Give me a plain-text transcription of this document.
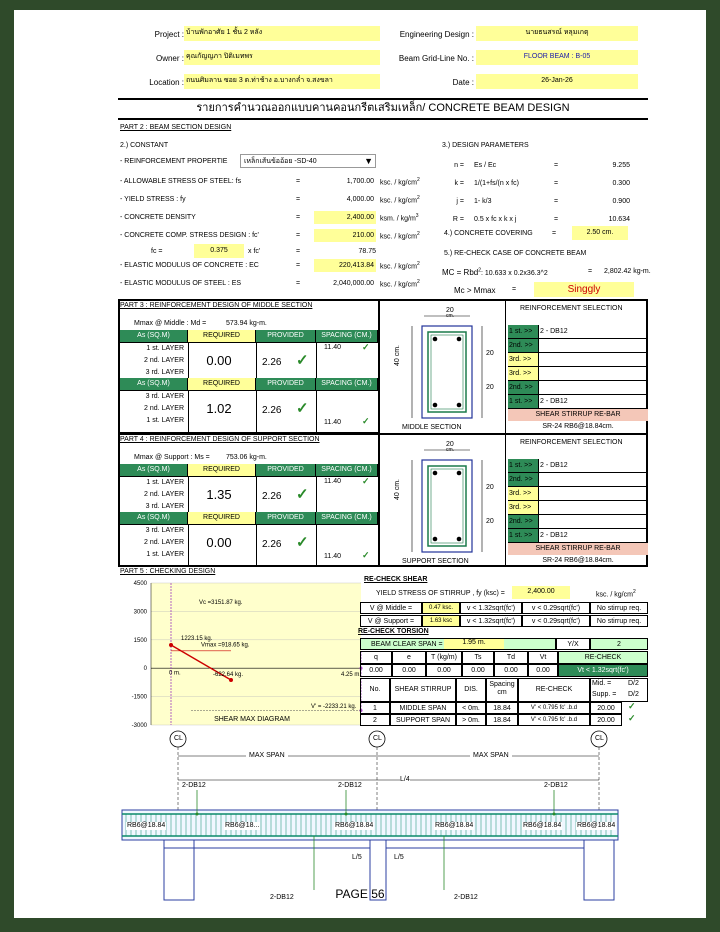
Project : บ้านพักอาศัย 1 ชั้น 2 หลัง
Owner : คุณกัญญภา ปิติเมทพร
Location : ถนนศิมลาน ซอย 3 ต.ท่าช้าง อ.บางกล่ำ จ.สงขลา
Engineering Design :	นายธนสรณ์ หลุมเกตุ
Beam Grid-Line No. :	FLOOR BEAM : B-05
Date :	26-Jan-26
รายการคำนวณออกแบบคานคอนกรีตเสริมเหล็ก/ CONCRETE BEAM DESIGN
PART 2 : BEAM SECTION DESIGN
2.) CONSTANT
- REINFORCEMENT PROPERTIE	เหล็กเส้นข้ออ้อย -SD-40	▼
- ALLOWABLE STRESS OF STEEL: fs	=	1,700.00 ksc. / $kg/cm^2$
- YIELD STRESS : fy	=	4,000.00 ksc. / $kg/cm^2$
- CONCRETE DENSITY	=	2,400.00 ksm. / $kg/m^3$
- CONCRETE COMP. STRESS DESIGN : fc'	=	210.00 ksc. / $kg/cm^2$
- ELASTIC MODULUS OF CONCRETE : EC	=	220,413.84 ksc. / $kg/cm^2$
- ELASTIC MODULUS OF STEEL : ES	=	2,040,000.00 ksc. / $kg/cm^2$
fc =	0.375	x fc'	=	78.75
3.) DESIGN PARAMETERS
n = Es / Ec	=	9.255
k = 1/(1+fs/(n x fc)	=	0.300
j = 1- k/3	=	0.900
R = 0.5 x fc x k x j	=	10.634
4.) CONCRETE COVERING	=	2.50 cm.
5.) RE-CHECK CASE OF CONCRETE BEAM
MC = Rbd$^2$: 10.633 x 0.2x36.3^2	= 2,802.42 kg-m.
Mc > Mmax =	Singgly
PART 3 : REINFORCEMENT DESIGN OF MIDDLE SECTION
Mmax @ Middle : Md =	573.94 kg-m.
As (SQ.M)	REQUIRED	PROVIDED	SPACING (CM.)
1 st. LAYER
2 nd. LAYER
3 rd. LAYER
0.00	2.26 ✓
11.40 ✓
As (SQ.M)	REQUIRED	PROVIDED	SPACING (CM.)
3 rd. LAYER
2 nd. LAYER
1 st. LAYER
1.02	2.26 ✓
11.40 ✓
PART 4 : REINFORCEMENT DESIGN OF SUPPORT SECTION
Mmax @ Support : Ms = 753.06 kg-m.
As (SQ.M)	REQUIRED	PROVIDED	SPACING (CM.)
1 st. LAYER
2 nd. LAYER
3 rd. LAYER
1.35	2.26 ✓
11.40 ✓
As (SQ.M)	REQUIRED	PROVIDED	SPACING (CM.)
3 rd. LAYER
2 nd. LAYER
1 st. LAYER
0.00	2.26 ✓
11.40 ✓
20
cm.
40 cm.	20
20
MIDDLE SECTION
20
cm.
40 cm.	20
20
SUPPORT SECTION
REINFORCEMENT SELECTION
1 st. >>	2 - DB12
2nd. >>
3rd. >>
3rd. >>
2nd. >>
1 st. >>	2 - DB12
SHEAR STIRRUP RE-BAR
SR-24 RB6@18.84cm.
REINFORCEMENT SELECTION
1 st. >>	2 - DB12
2nd. >>
3rd. >>
3rd. >>
2nd. >>
1 st. >>	2 - DB12
SHEAR STIRRUP RE-BAR
SR-24 RB6@18.84cm.
PART 5 : CHECKING DESIGN
4500
3000
1500
0
-1500
-3000
Vc =3151.87 kg.
1223.15 kg.
Vmax =918.65 kg.
0 m.	-622.64 kg.	4.25 m.
V' = -2233.21 kg.
SHEAR MAX DIAGRAM
RE-CHECK SHEAR
YIELD STRESS OF STIRRUP , fy (ksc) =	2,400.00	ksc. / $kg/cm^2$
V @ Middle =	0.47 ksc.	v < 1.32sqrt(fc')	v < 0.29sqrt(fc')	No stirrup req.
V @ Support =	1.63 ksc	v < 1.32sqrt(fc')	v < 0.29sqrt(fc')	No stirrup req.
RE-CHECK TORSION
BEAM CLEAR SPAN =	1.95 m.	Y/X	2
q	e	T (kg/m)	Ts	Td	Vt	RE-CHECK
0.00	0.00	0.00	0.00	0.00	0.00	Vt < 1.32sqrt(fc')
No.	SHEAR STIRRUP	DIS.
Spacing cm	RE-CHECK
Mid. =
Supp. =
D/2
D/2
1	MIDDLE SPAN	< 0m.	18.84	V' < 0.795 fc' .b.d	20.00	✓
2	SUPPORT SPAN	> 0m.	18.84	V' < 0.795 fc' .b.d	20.00	✓
CL	CL	CL
MAX SPAN	MAX SPAN
L/4
2-DB12	2-DB12	2-DB12
2-DB12	2-DB12
RB6@18.84	RB6@18...	RB6@18.84	RB6@18.84	RB6@18.84 RB6@18.84
L/5	L/5
PAGE 56
